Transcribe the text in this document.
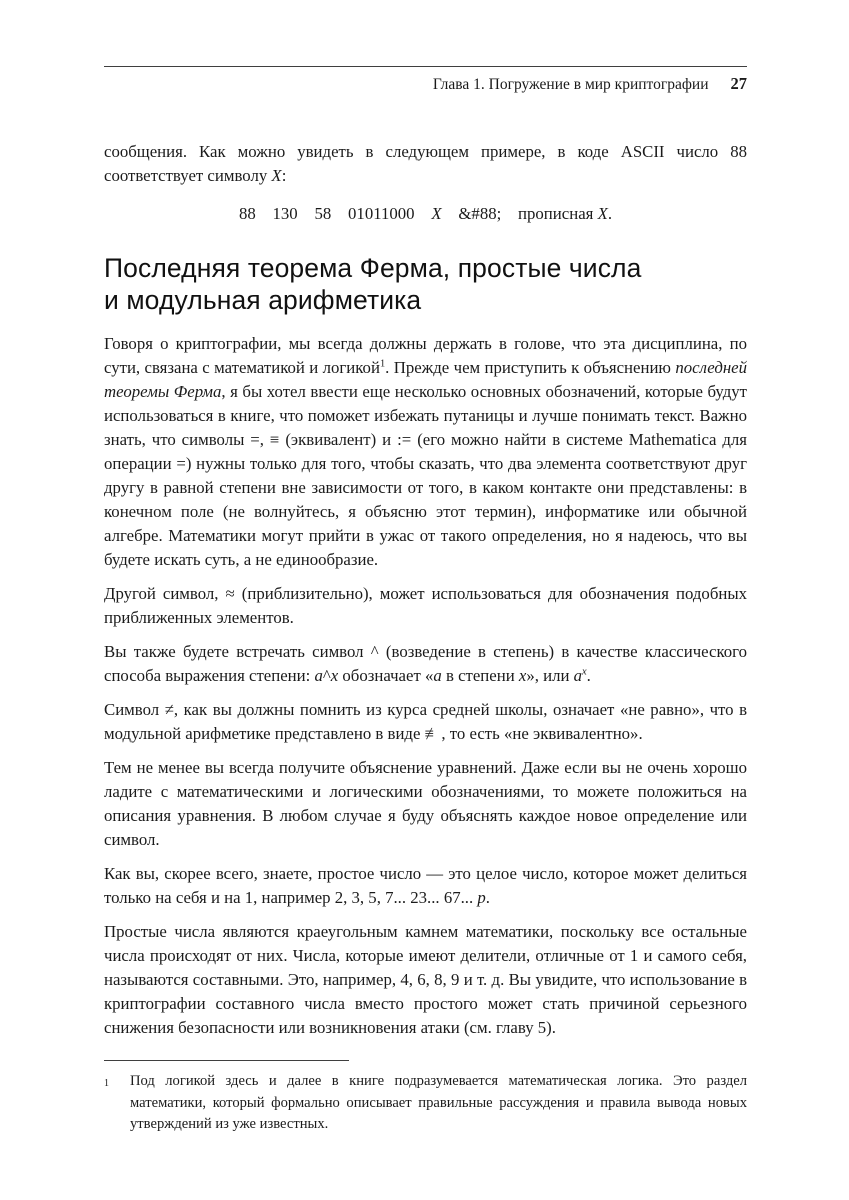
Глава 1. Погружение в мир криптографии 27

сообщения. Как можно увидеть в следующем примере, в коде ASCII число 88 соответствует символу X:

88    130    58    01011000    X    &#88;    прописная X.

Последняя теорема Ферма, простые числа
и модульная арифметика

Говоря о криптографии, мы всегда должны держать в голове, что эта дисциплина, по сути, связана с математикой и логикой$^1$. Прежде чем приступить к объяснению последней теоремы Ферма, я бы хотел ввести еще несколько основных обозначений, которые будут использоваться в книге, что поможет избежать путаницы и лучше понимать текст. Важно знать, что символы =, ≡ (эквивалент) и := (его можно найти в системе Mathematica для операции =) нужны только для того, чтобы сказать, что два элемента соответствуют друг другу в равной степени вне зависимости от того, в каком контакте они представлены: в конечном поле (не волнуйтесь, я объясню этот термин), информатике или обычной алгебре. Математики могут прийти в ужас от такого определения, но я надеюсь, что вы будете искать суть, а не единообразие.

Другой символ, ≈ (приблизительно), может использоваться для обозначения подобных приближенных элементов.

Вы также будете встречать символ ^ (возведение в степень) в качестве классического способа выражения степени: a^x обозначает «a в степени x», или $a^x$.

Символ ≠, как вы должны помнить из курса средней школы, означает «не равно», что в модульной арифметике представлено в виде ≢, то есть «не эквивалентно».

Тем не менее вы всегда получите объяснение уравнений. Даже если вы не очень хорошо ладите с математическими и логическими обозначениями, то можете положиться на описания уравнения. В любом случае я буду объяснять каждое новое определение или символ.

Как вы, скорее всего, знаете, простое число — это целое число, которое может делиться только на себя и на 1, например 2, 3, 5, 7... 23... 67... p.

Простые числа являются краеугольным камнем математики, поскольку все остальные числа происходят от них. Числа, которые имеют делители, отличные от 1 и самого себя, называются составными. Это, например, 4, 6, 8, 9 и т. д. Вы увидите, что использование в криптографии составного числа вместо простого может стать причиной серьезного снижения безопасности или возникновения атаки (см. главу 5).

1	Под логикой здесь и далее в книге подразумевается математическая логика. Это раздел математики, который формально описывает правильные рассуждения и правила вывода новых утверждений из уже известных.
